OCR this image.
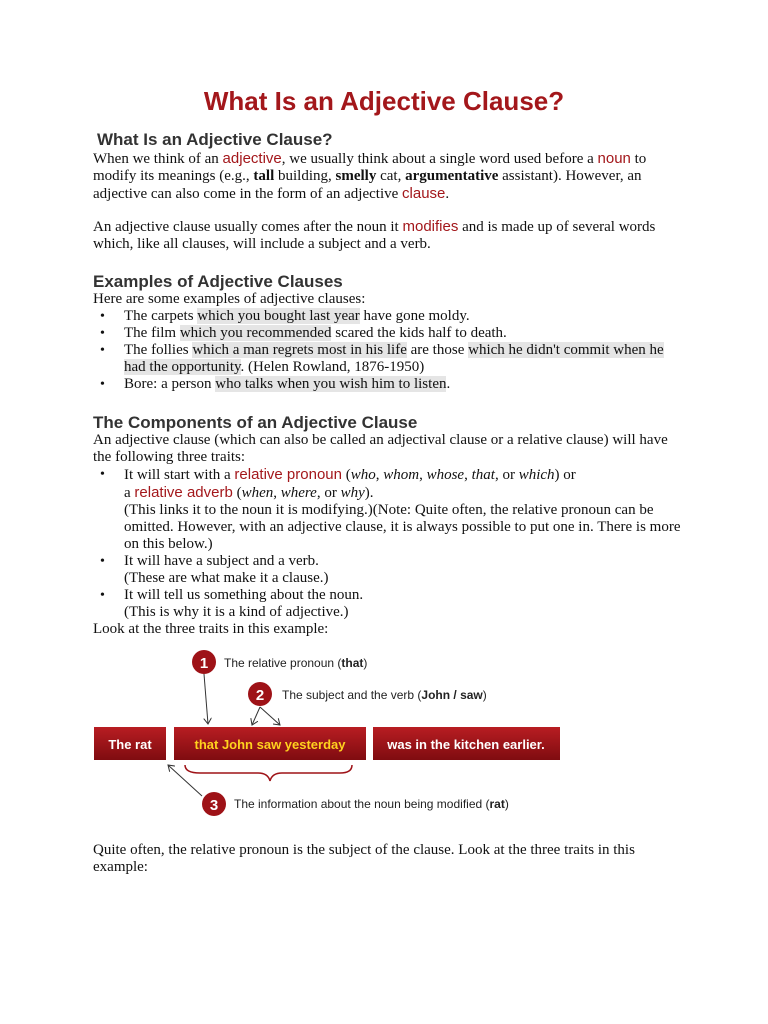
What Is an Adjective Clause?
What Is an Adjective Clause?

When we think of an adjective, we usually think about a single word used before a noun to modify its meanings (e.g., tall building, smelly cat, argumentative assistant). However, an adjective can also come in the form of an adjective clause.

An adjective clause usually comes after the noun it modifies and is made up of several words which, like all clauses, will include a subject and a verb.

Examples of Adjective Clauses

Here are some examples of adjective clauses:

• The carpets which you bought last year have gone moldy.
• The film which you recommended scared the kids half to death.
• The follies which a man regrets most in his life are those which he didn't commit when he had the opportunity. (Helen Rowland, 1876-1950)
• Bore: a person who talks when you wish him to listen.
The Components of an Adjective Clause

An adjective clause (which can also be called an adjectival clause or a relative clause) will have the following three traits:

• It will start with a relative pronoun (who, whom, whose, that, or which) or
a relative adverb (when, where, or why).
(This links it to the noun it is modifying.)(Note: Quite often, the relative pronoun can be omitted. However, with an adjective clause, it is always possible to put one in. There is more on this below.)
• It will have a subject and a verb.
(These are what make it a clause.)
• It will tell us something about the noun.
(This is why it is a kind of adjective.)

Look at the three traits in this example:

The rat	that John saw yesterday	was in the kitchen earlier.
1 The relative pronoun (that)
2 The subject and the verb (John / saw)
3 The information about the noun being modified (rat)

Quite often, the relative pronoun is the subject of the clause. Look at the three traits in this example:
